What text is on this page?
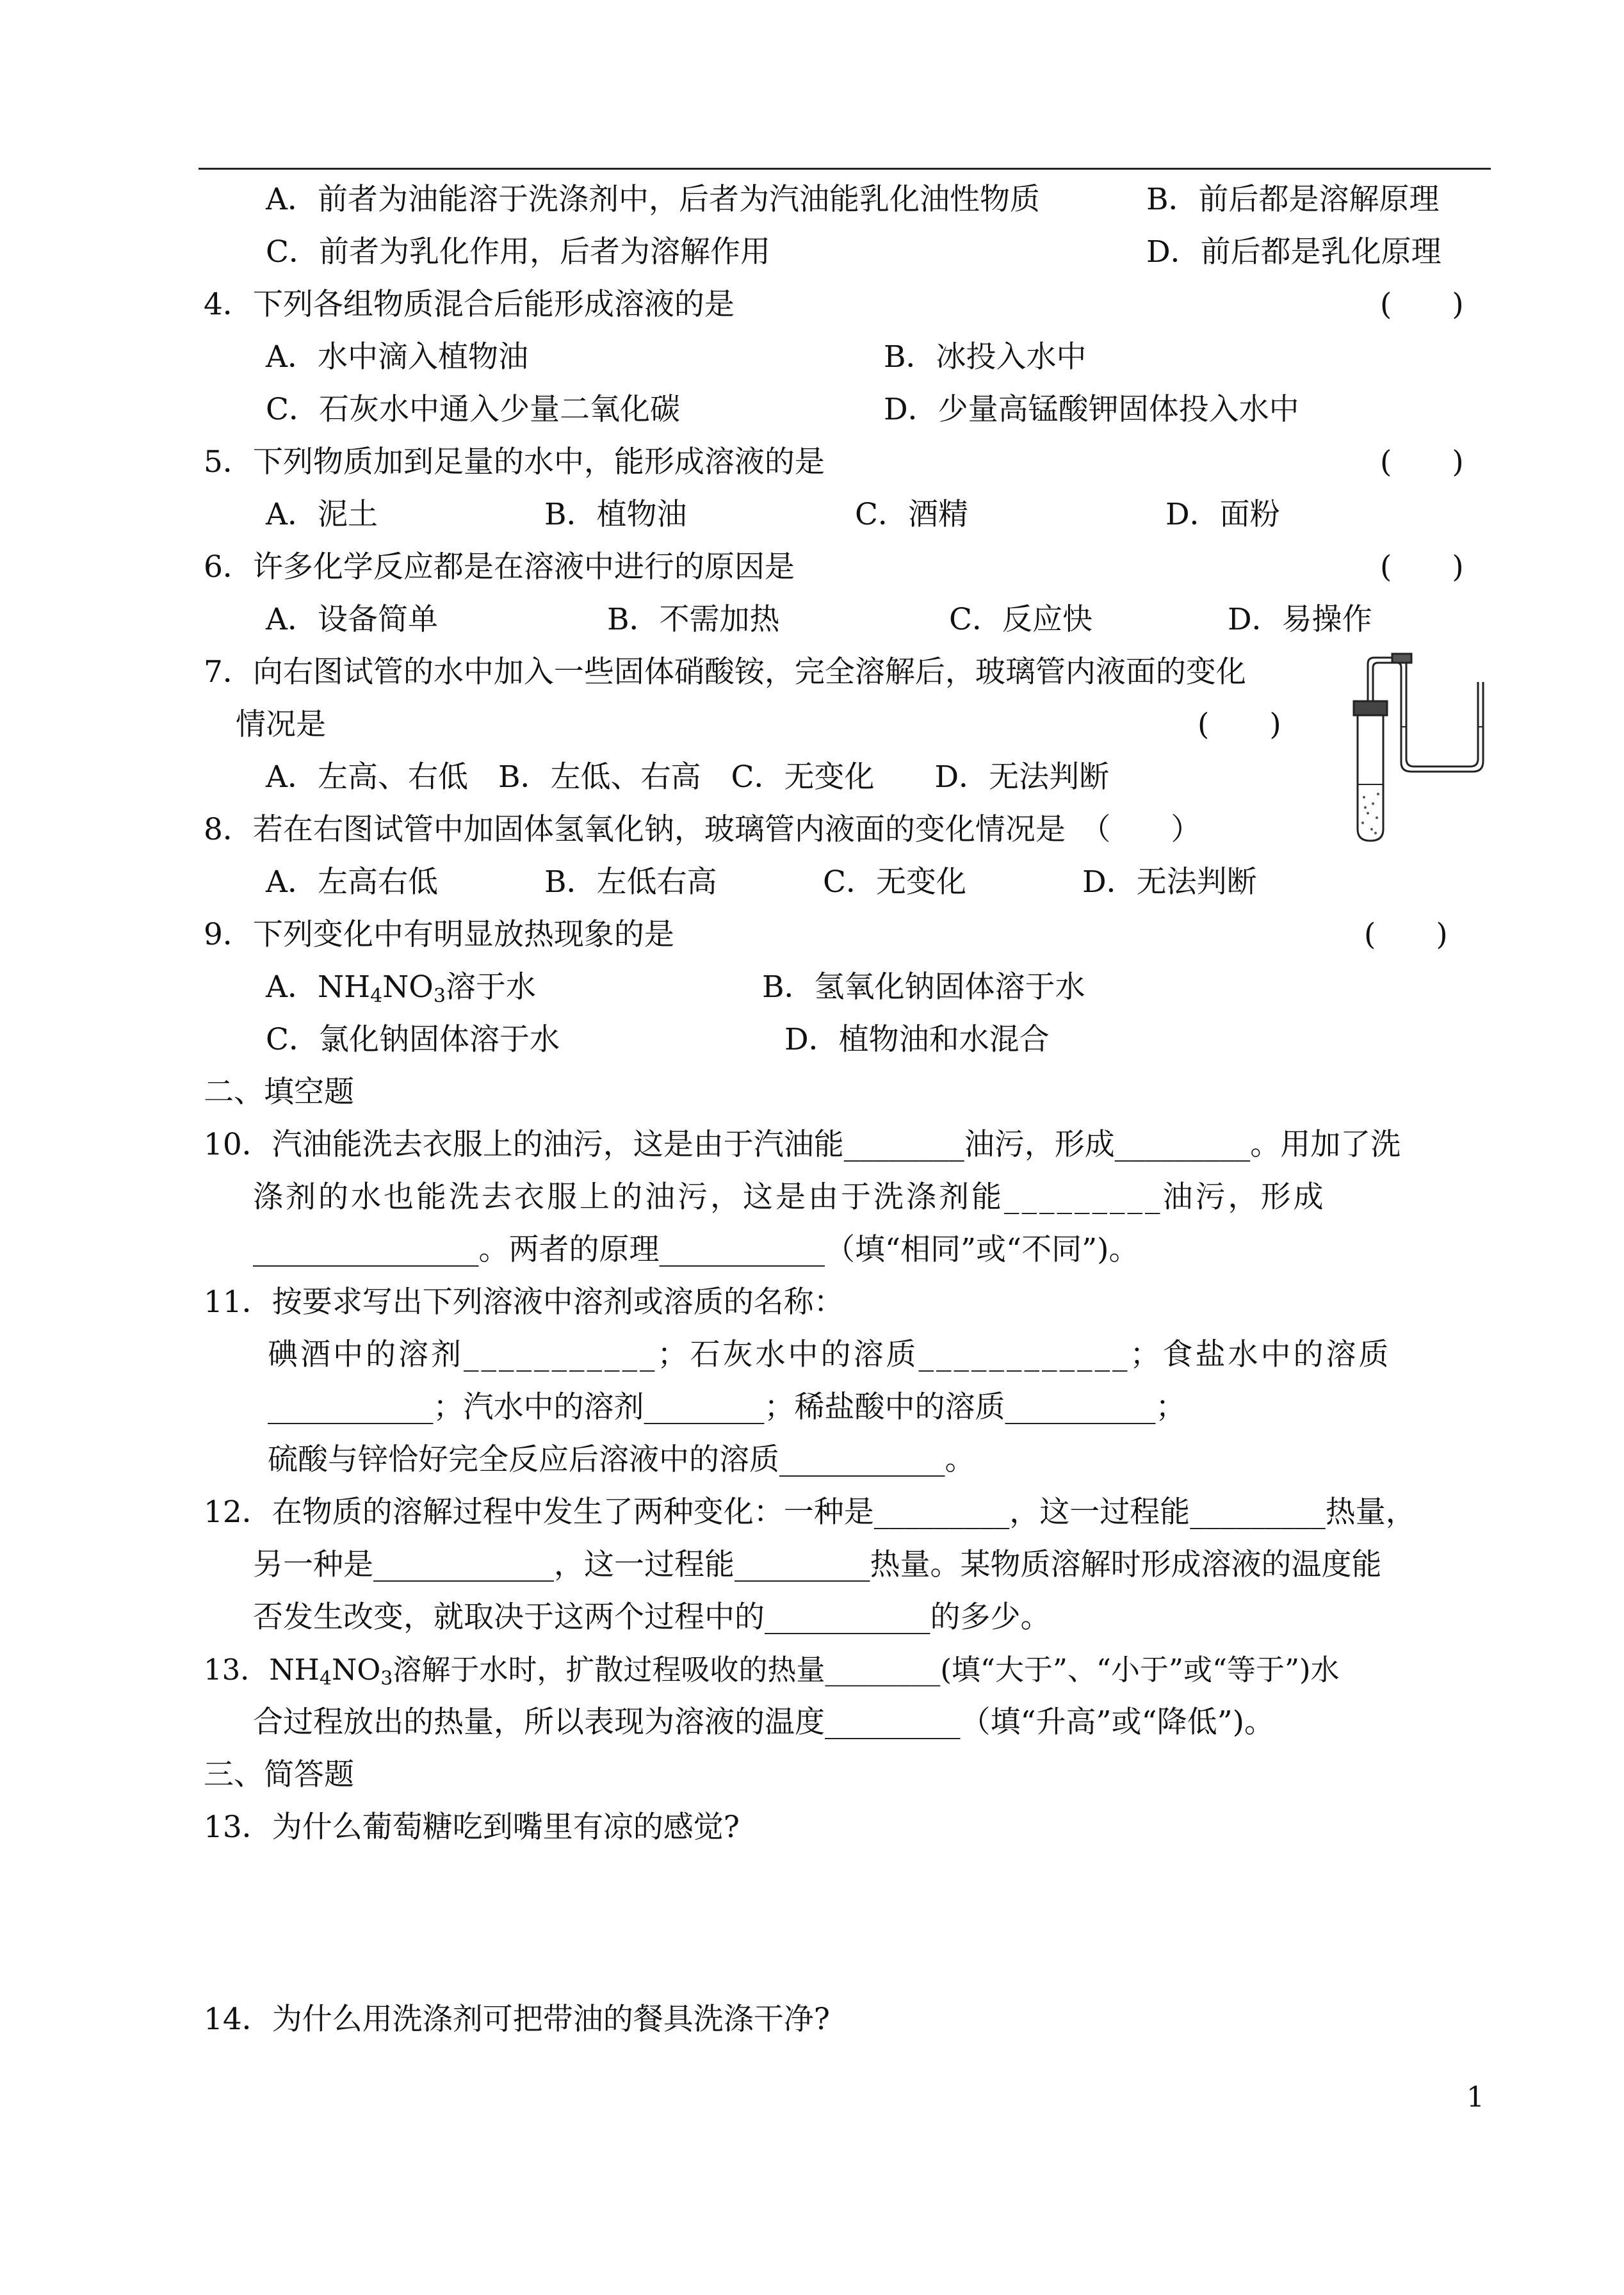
A．前者为油能溶于洗涤剂中，后者为汽油能乳化油性物质	B．前后都是溶解原理
C．前者为乳化作用，后者为溶解作用	D．前后都是乳化原理
4．下列各组物质混合后能形成溶液的是	(　　)
A．水中滴入植物油	B．冰投入水中
C．石灰水中通入少量二氧化碳	D．少量高锰酸钾固体投入水中
5．下列物质加到足量的水中，能形成溶液的是	(　　)
A．泥土	B．植物油	C．酒精	D．面粉
6．许多化学反应都是在溶液中进行的原因是	(　　)
A．设备简单	B．不需加热	C．反应快	D．易操作
7．向右图试管的水中加入一些固体硝酸铵，完全溶解后，玻璃管内液面的变化
情况是	(　　)
A．左高、右低　B．左低、右高　C．无变化　　D．无法判断
8．若在右图试管中加固体氢氧化钠，玻璃管内液面的变化情况是　（　　）
A．左高右低	B．左低右高	C．无变化	D．无法判断
9．下列变化中有明显放热现象的是	(　　)
A．$NH_4NO_3$溶于水	B．氢氧化钠固体溶于水
C．氯化钠固体溶于水	D．植物油和水混合
二、填空题
10．汽油能洗去衣服上的油污，这是由于汽油能________油污，形成_________。用加了洗
涤剂的水也能洗去衣服上的油污，这是由于洗涤剂能_________油污，形成
_______________。两者的原理___________（填“相同”或“不同”)。
11．按要求写出下列溶液中溶剂或溶质的名称：
碘酒中的溶剂___________；石灰水中的溶质____________；食盐水中的溶质
___________；汽水中的溶剂________；稀盐酸中的溶质__________；
硫酸与锌恰好完全反应后溶液中的溶质___________。
12．在物质的溶解过程中发生了两种变化：一种是_________，这一过程能_________热量，
另一种是____________，这一过程能_________热量。某物质溶解时形成溶液的温度能
否发生改变，就取决于这两个过程中的___________的多少。
13．$NH_4NO_3$溶解于水时，扩散过程吸收的热量________(填“大于”、“小于”或“等于”)水
合过程放出的热量，所以表现为溶液的温度_________（填“升高”或“降低”)。
三、简答题
13．为什么葡萄糖吃到嘴里有凉的感觉?
14．为什么用洗涤剂可把带油的餐具洗涤干净?
1
